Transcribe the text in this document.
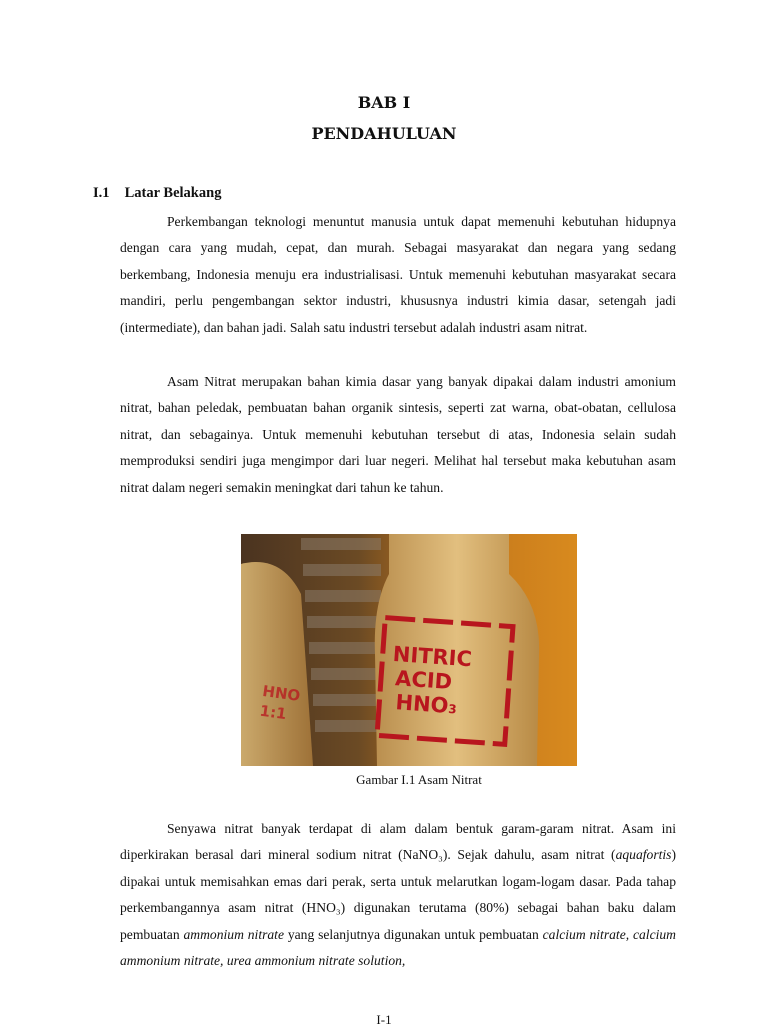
BAB I
PENDAHULUAN
I.1 Latar Belakang

Perkembangan teknologi menuntut manusia untuk dapat memenuhi kebutuhan hidupnya dengan cara yang mudah, cepat, dan murah. Sebagai masyarakat dan negara yang sedang berkembang, Indonesia menuju era industrialisasi. Untuk memenuhi kebutuhan masyarakat secara mandiri, perlu pengembangan sektor industri, khususnya industri kimia dasar, setengah jadi (intermediate), dan bahan jadi. Salah satu industri tersebut adalah industri asam nitrat.

Asam Nitrat merupakan bahan kimia dasar yang banyak dipakai dalam industri amonium nitrat, bahan peledak, pembuatan bahan organik sintesis, seperti zat warna, obat-obatan, cellulosa nitrat, dan sebagainya. Untuk memenuhi kebutuhan tersebut di atas, Indonesia selain sudah memproduksi sendiri juga mengimpor dari luar negeri. Melihat hal tersebut maka kebutuhan asam nitrat dalam negeri semakin meningkat dari tahun ke tahun.

NITRIC
ACID
HNO3
HNO
1:1
Gambar I.1 Asam Nitrat

Senyawa nitrat banyak terdapat di alam dalam bentuk garam-garam nitrat. Asam ini diperkirakan berasal dari mineral sodium nitrat (NaNO₃). Sejak dahulu, asam nitrat (aquafortis) dipakai untuk memisahkan emas dari perak, serta untuk melarutkan logam-logam dasar. Pada tahap perkembangannya asam nitrat (HNO₃) digunakan terutama (80%) sebagai bahan baku dalam pembuatan ammonium nitrate yang selanjutnya digunakan untuk pembuatan calcium nitrate, calcium ammonium nitrate, urea ammonium nitrate solution,

I-1
